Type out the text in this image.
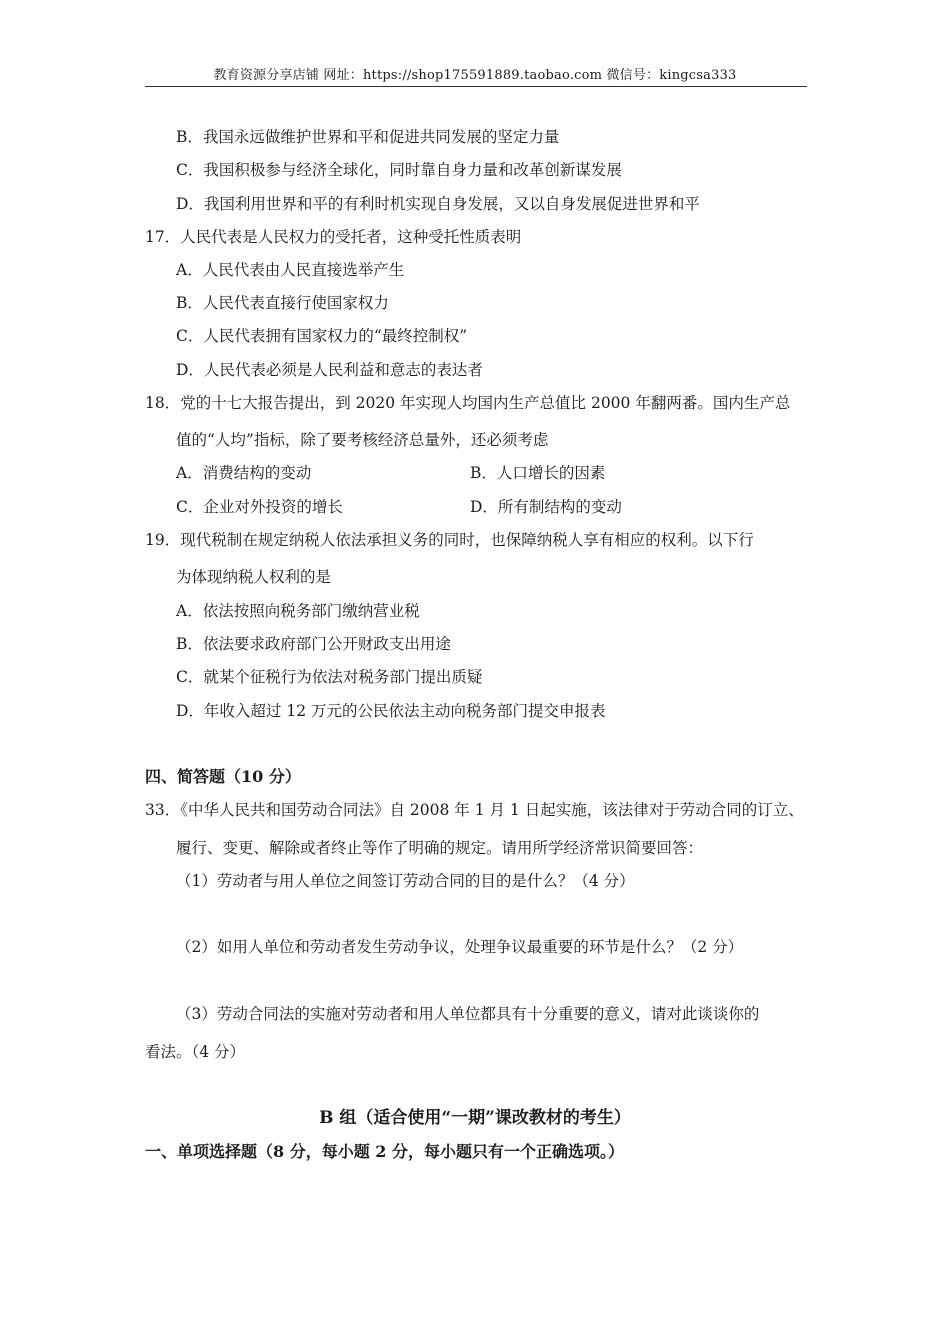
教育资源分享店铺 网址：https://shop175591889.taobao.com 微信号：kingcsa333
B．我国永远做维护世界和平和促进共同发展的坚定力量
C．我国积极参与经济全球化，同时靠自身力量和改革创新谋发展
D．我国利用世界和平的有利时机实现自身发展，又以自身发展促进世界和平
17．人民代表是人民权力的受托者，这种受托性质表明
A．人民代表由人民直接选举产生
B．人民代表直接行使国家权力
C．人民代表拥有国家权力的“最终控制权”
D．人民代表必须是人民利益和意志的表达者
18．党的十七大报告提出，到 2020 年实现人均国内生产总值比 2000 年翻两番。国内生产总
值的“人均”指标，除了要考核经济总量外，还必须考虑
A．消费结构的变动	B．人口增长的因素
C．企业对外投资的增长	D．所有制结构的变动
19．现代税制在规定纳税人依法承担义务的同时，也保障纳税人享有相应的权利。以下行
为体现纳税人权利的是
A．依法按照向税务部门缴纳营业税
B．依法要求政府部门公开财政支出用途
C．就某个征税行为依法对税务部门提出质疑
D．年收入超过 12 万元的公民依法主动向税务部门提交申报表
四、简答题（10 分）
33．《中华人民共和国劳动合同法》自 2008 年 1 月 1 日起实施，该法律对于劳动合同的订立、
履行、变更、解除或者终止等作了明确的规定。请用所学经济常识简要回答：
（1）劳动者与用人单位之间签订劳动合同的目的是什么？（4 分）
（2）如用人单位和劳动者发生劳动争议，处理争议最重要的环节是什么？（2 分）
（3）劳动合同法的实施对劳动者和用人单位都具有十分重要的意义，请对此谈谈你的
看法。（4 分）
B 组（适合使用“一期”课改教材的考生）
一、单项选择题（8 分，每小题 2 分，每小题只有一个正确选项。）
